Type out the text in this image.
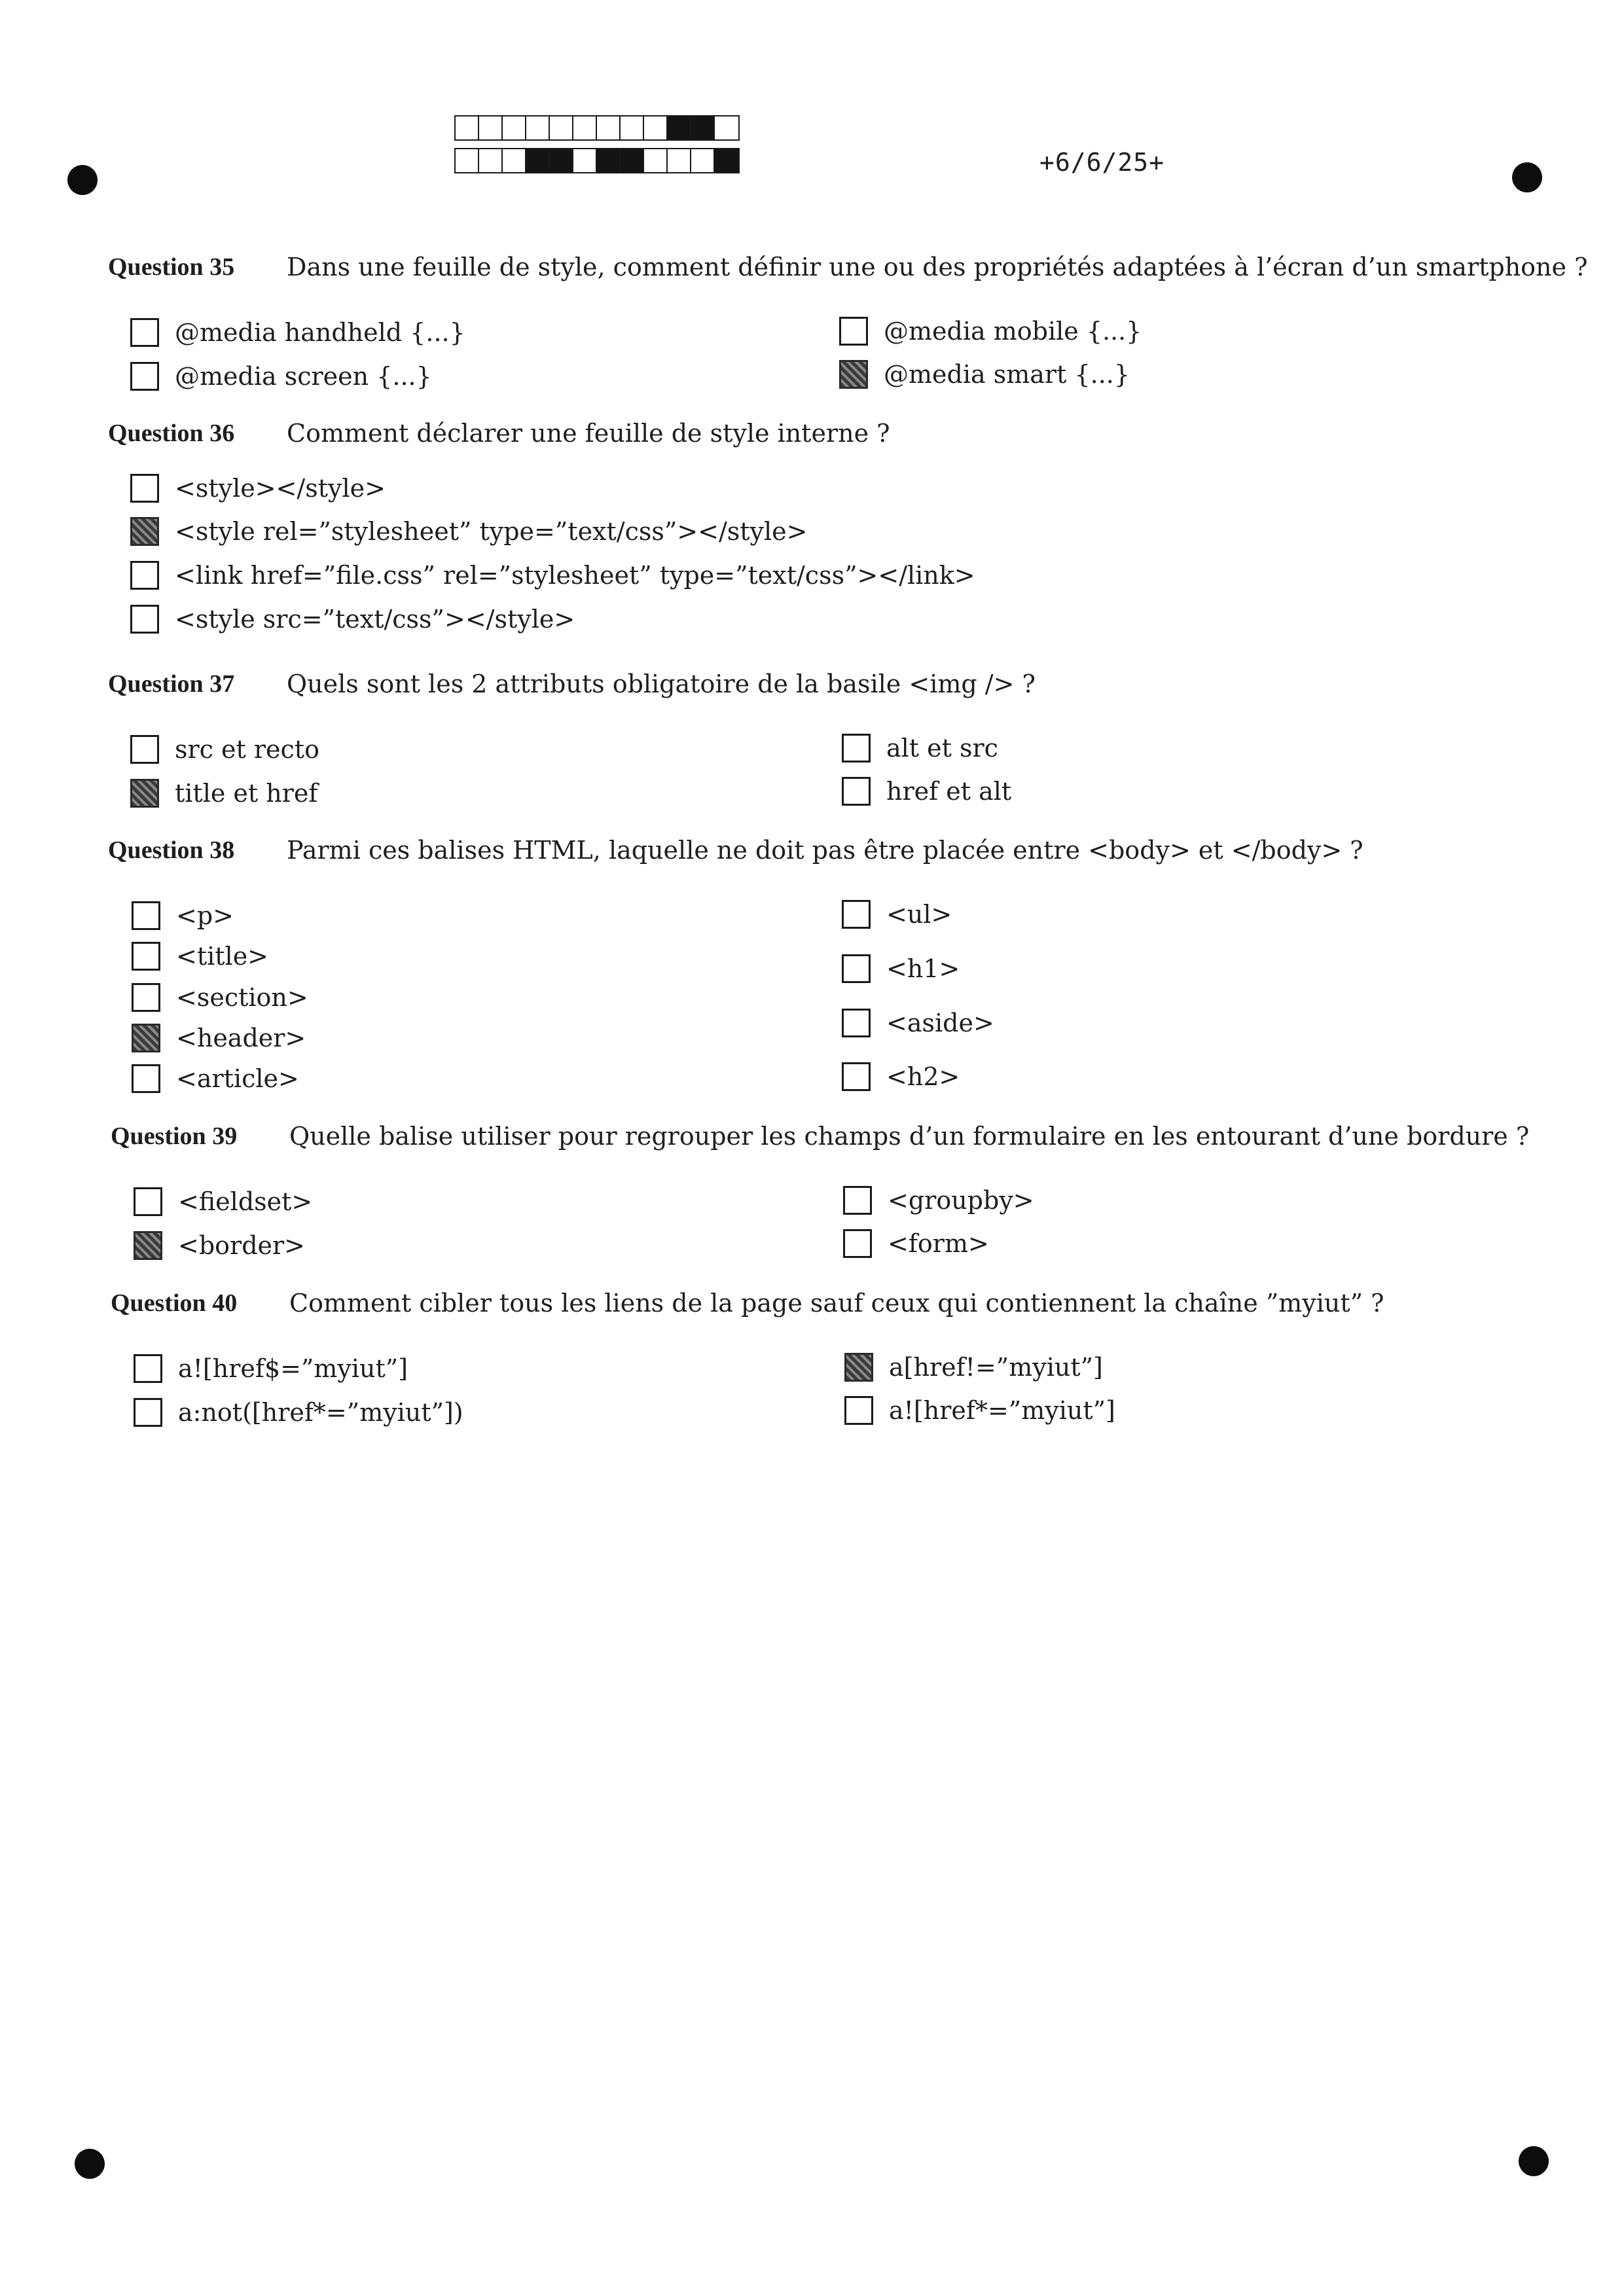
+6/6/25+
Question 35 Dans une feuille de style, comment définir une ou des propriétés adaptées à l’écran d’un smartphone ?
@media handheld {...}
@media screen {...}
@media mobile {...}
@media smart {...}
Question 36 Comment déclarer une feuille de style interne ?
<style></style>
<style rel=”stylesheet” type=”text/css”></style>
<link href=”file.css” rel=”stylesheet” type=”text/css”></link>
<style src=”text/css”></style>
Question 37 Quels sont les 2 attributs obligatoire de la basile <img /> ?
src et recto
title et href
alt et src
href et alt
Question 38 Parmi ces balises HTML, laquelle ne doit pas être placée entre <body> et </body> ?
<p>
<title>
<section>
<header>
<article>
<ul>
<h1>
<aside>
<h2>
Question 39 Quelle balise utiliser pour regrouper les champs d’un formulaire en les entourant d’une bordure ?
<fieldset>
<border>
<groupby>
<form>
Question 40 Comment cibler tous les liens de la page sauf ceux qui contiennent la chaîne ”myiut” ?
a![href$=”myiut”]
a:not([href*=”myiut”])
a[href!=”myiut”]
a![href*=”myiut”]
